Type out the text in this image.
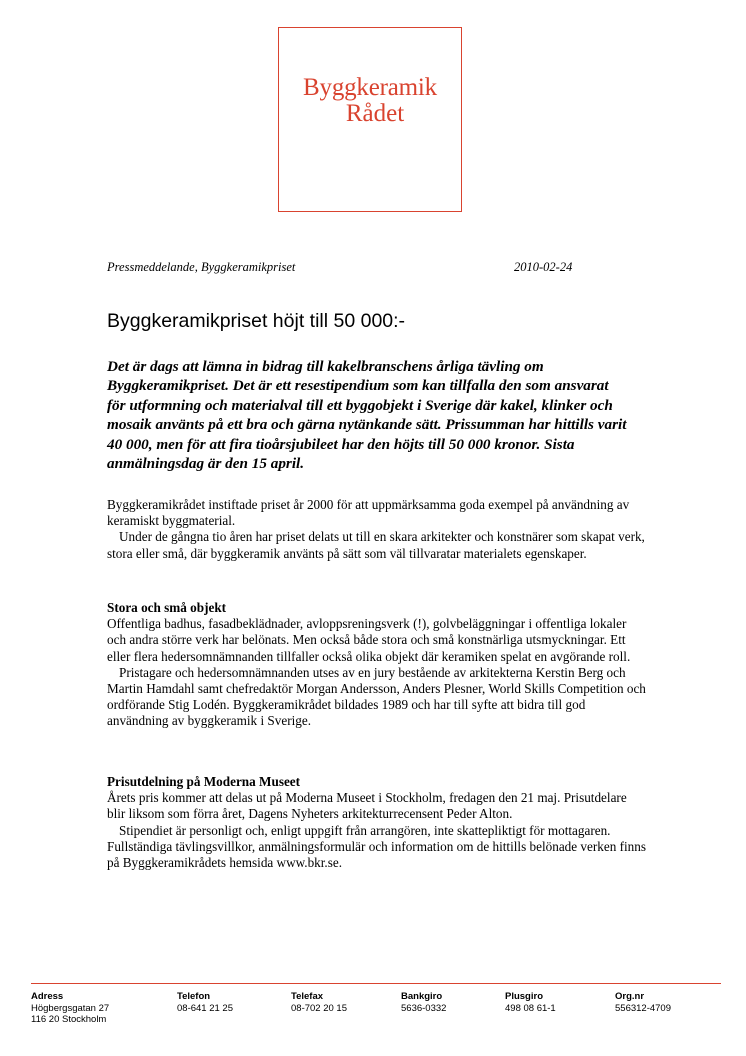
Byggkeramik
Rådet
Pressmeddelande, Byggkeramikpriset	2010-02-24
Byggkeramikpriset höjt till 50 000:-
Det är dags att lämna in bidrag till kakelbranschens årliga tävling om Byggkeramikpriset. Det är ett resestipendium som kan tillfalla den som ansvarat för utformning och materialval till ett byggobjekt i Sverige där kakel, klinker och mosaik använts på ett bra och gärna nytänkande sätt. Prissumman har hittills varit 40 000, men för att fira tioårsjubileet har den höjts till 50 000 kronor. Sista anmälningsdag är den 15 april.

Byggkeramikrådet instiftade priset år 2000 för att uppmärksamma goda exempel på användning av keramiskt byggmaterial.

Under de gångna tio åren har priset delats ut till en skara arkitekter och konstnärer som skapat verk, stora eller små, där byggkeramik använts på sätt som väl tillvaratar materialets egenskaper.

Stora och små objekt

Offentliga badhus, fasadbeklädnader, avloppsreningsverk (!), golvbeläggningar i offentliga lokaler och andra större verk har belönats. Men också både stora och små konstnärliga utsmyckningar. Ett eller flera hedersomnämnanden tillfaller också olika objekt där keramiken spelat en avgörande roll.

Pristagare och hedersomnämnanden utses av en jury bestående av arkitekterna Kerstin Berg och Martin Hamdahl samt chefredaktör Morgan Andersson, Anders Plesner, World Skills Competition och ordförande Stig Lodén. Byggkeramikrådet bildades 1989 och har till syfte att bidra till god användning av byggkeramik i Sverige.

Prisutdelning på Moderna Museet

Årets pris kommer att delas ut på Moderna Museet i Stockholm, fredagen den 21 maj. Prisutdelare blir liksom som förra året, Dagens Nyheters arkitekturrecensent Peder Alton.

Stipendiet är personligt och, enligt uppgift från arrangören, inte skattepliktigt för mottagaren. Fullständiga tävlingsvillkor, anmälningsformulär och information om de hittills belönade verken finns på Byggkeramikrådets hemsida www.bkr.se.

Adress
Högbergsgatan 27
116 20 Stockholm
Telefon
08-641 21 25
Telefax
08-702 20 15
Bankgiro
5636-0332
Plusgiro
498 08 61-1
Org.nr
556312-4709
